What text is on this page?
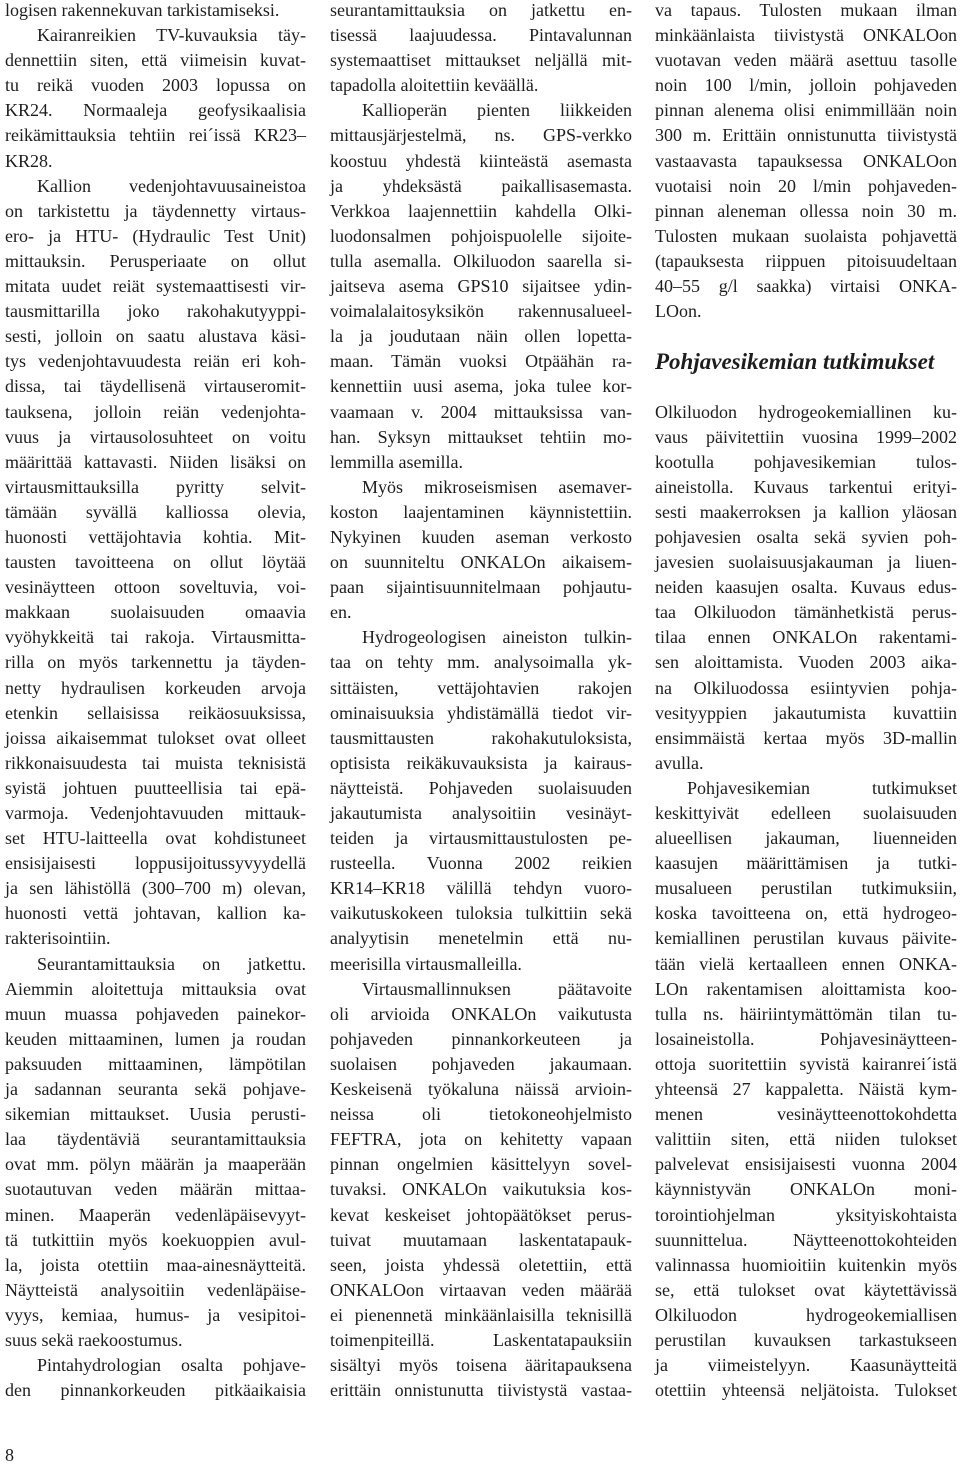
logisen rakennekuvan tarkistamiseksi.
Kairanreikien TV-kuvauksia täy-
dennettiin siten, että viimeisin kuvat-
tu reikä vuoden 2003 lopussa on
KR24. Normaaleja geofysikaalisia
reikämittauksia tehtiin rei´issä KR23–
KR28.
Kallion vedenjohtavuusaineistoa
on tarkistettu ja täydennetty virtaus-
ero- ja HTU- (Hydraulic Test Unit)
mittauksin. Perusperiaate on ollut
mitata uudet reiät systemaattisesti vir-
tausmittarilla joko rakohakutyyppi-
sesti, jolloin on saatu alustava käsi-
tys vedenjohtavuudesta reiän eri koh-
dissa, tai täydellisenä virtauseromit-
tauksena, jolloin reiän vedenjohta-
vuus ja virtausolosuhteet on voitu
määrittää kattavasti. Niiden lisäksi on
virtausmittauksilla pyritty selvit-
tämään syvällä kalliossa olevia,
huonosti vettäjohtavia kohtia. Mit-
tausten tavoitteena on ollut löytää
vesinäytteen ottoon soveltuvia, voi-
makkaan suolaisuuden omaavia
vyöhykkeitä tai rakoja. Virtausmitta-
rilla on myös tarkennettu ja täyden-
netty hydraulisen korkeuden arvoja
etenkin sellaisissa reikäosuuksissa,
joissa aikaisemmat tulokset ovat olleet
rikkonaisuudesta tai muista teknisistä
syistä johtuen puutteellisia tai epä-
varmoja. Vedenjohtavuuden mittauk-
set HTU-laitteella ovat kohdistuneet
ensisijaisesti loppusijoitussyvyydellä
ja sen lähistöllä (300–700 m) olevan,
huonosti vettä johtavan, kallion ka-
rakterisointiin.
Seurantamittauksia on jatkettu.
Aiemmin aloitettuja mittauksia ovat
muun muassa pohjaveden painekor-
keuden mittaaminen, lumen ja roudan
paksuuden mittaaminen, lämpötilan
ja sadannan seuranta sekä pohjave-
sikemian mittaukset. Uusia perusti-
laa täydentäviä seurantamittauksia
ovat mm. pölyn määrän ja maaperään
suotautuvan veden määrän mittaa-
minen. Maaperän vedenläpäisevyyt-
tä tutkittiin myös koekuoppien avul-
la, joista otettiin maa-ainesnäytteitä.
Näytteistä analysoitiin vedenläpäise-
vyys, kemiaa, humus- ja vesipitoi-
suus sekä raekoostumus.
Pintahydrologian osalta pohjave-
den pinnankorkeuden pitkäaikaisia
seurantamittauksia on jatkettu en-
tisessä laajuudessa. Pintavalunnan
systemaattiset mittaukset neljällä mit-
tapadolla aloitettiin keväällä.
Kallioperän pienten liikkeiden
mittausjärjestelmä, ns. GPS-verkko
koostuu yhdestä kiinteästä asemasta
ja yhdeksästä paikallisasemasta.
Verkkoa laajennettiin kahdella Olki-
luodonsalmen pohjoispuolelle sijoite-
tulla asemalla. Olkiluodon saarella si-
jaitseva asema GPS10 sijaitsee ydin-
voimalalaitosyksikön rakennusalueel-
la ja joudutaan näin ollen lopetta-
maan. Tämän vuoksi Otpäähän ra-
kennettiin uusi asema, joka tulee kor-
vaamaan v. 2004 mittauksissa van-
han. Syksyn mittaukset tehtiin mo-
lemmilla asemilla.
Myös mikroseismisen asemaver-
koston laajentaminen käynnistettiin.
Nykyinen kuuden aseman verkosto
on suunniteltu ONKALOn aikaisem-
paan sijaintisuunnitelmaan pohjautu-
en.
Hydrogeologisen aineiston tulkin-
taa on tehty mm. analysoimalla yk-
sittäisten, vettäjohtavien rakojen
ominaisuuksia yhdistämällä tiedot vir-
tausmittausten rakohakutuloksista,
optisista reikäkuvauksista ja kairaus-
näytteistä. Pohjaveden suolaisuuden
jakautumista analysoitiin vesinäyt-
teiden ja virtausmittaustulosten pe-
rusteella. Vuonna 2002 reikien
KR14–KR18 välillä tehdyn vuoro-
vaikutuskokeen tuloksia tulkittiin sekä
analyytisin menetelmin että nu-
meerisilla virtausmalleilla.
Virtausmallinnuksen päätavoite
oli arvioida ONKALOn vaikutusta
pohjaveden pinnankorkeuteen ja
suolaisen pohjaveden jakaumaan.
Keskeisenä työkaluna näissä arvioin-
neissa oli tietokoneohjelmisto
FEFTRA, jota on kehitetty vapaan
pinnan ongelmien käsittelyyn sovel-
tuvaksi. ONKALOn vaikutuksia kos-
kevat keskeiset johtopäätökset perus-
tuivat muutamaan laskentatapauk-
seen, joista yhdessä oletettiin, että
ONKALOon virtaavan veden määrää
ei pienennetä minkäänlaisilla teknisillä
toimenpiteillä. Laskentatapauksiin
sisältyi myös toisena ääritapauksena
erittäin onnistunutta tiivistystä vastaa-
va tapaus. Tulosten mukaan ilman
minkäänlaista tiivistystä ONKALOon
vuotavan veden määrä asettuu tasolle
noin 100 l/min, jolloin pohjaveden
pinnan alenema olisi enimmillään noin
300 m. Erittäin onnistunutta tiivistystä
vastaavasta tapauksessa ONKALOon
vuotaisi noin 20 l/min pohjaveden-
pinnan aleneman ollessa noin 30 m.
Tulosten mukaan suolaista pohjavettä
(tapauksesta riippuen pitoisuudeltaan
40–55 g/l saakka) virtaisi ONKA-
LOon.
Pohjavesikemian tutkimukset
Olkiluodon hydrogeokemiallinen ku-
vaus päivitettiin vuosina 1999–2002
kootulla pohjavesikemian tulos-
aineistolla. Kuvaus tarkentui erityi-
sesti maakerroksen ja kallion yläosan
pohjavesien osalta sekä syvien poh-
javesien suolaisuusjakauman ja liuen-
neiden kaasujen osalta. Kuvaus edus-
taa Olkiluodon tämänhetkistä perus-
tilaa ennen ONKALOn rakentami-
sen aloittamista. Vuoden 2003 aika-
na Olkiluodossa esiintyvien pohja-
vesityyppien jakautumista kuvattiin
ensimmäistä kertaa myös 3D-mallin
avulla.
Pohjavesikemian tutkimukset
keskittyivät edelleen suolaisuuden
alueellisen jakauman, liuenneiden
kaasujen määrittämisen ja tutki-
musalueen perustilan tutkimuksiin,
koska tavoitteena on, että hydrogeo-
kemiallinen perustilan kuvaus päivite-
tään vielä kertaalleen ennen ONKA-
LOn rakentamisen aloittamista koo-
tulla ns. häiriintymättömän tilan tu-
losaineistolla. Pohjavesinäytteen-
ottoja suoritettiin syvistä kairanrei´istä
yhteensä 27 kappaletta. Näistä kym-
menen vesinäytteenottokohdetta
valittiin siten, että niiden tulokset
palvelevat ensisijaisesti vuonna 2004
käynnistyvän ONKALOn moni-
torointiohjelman yksityiskohtaista
suunnittelua. Näytteenottokohteiden
valinnassa huomioitiin kuitenkin myös
se, että tulokset ovat käytettävissä
Olkiluodon hydrogeokemiallisen
perustilan kuvauksen tarkastukseen
ja viimeistelyyn. Kaasunäytteitä
otettiin yhteensä neljätoista. Tulokset
8
